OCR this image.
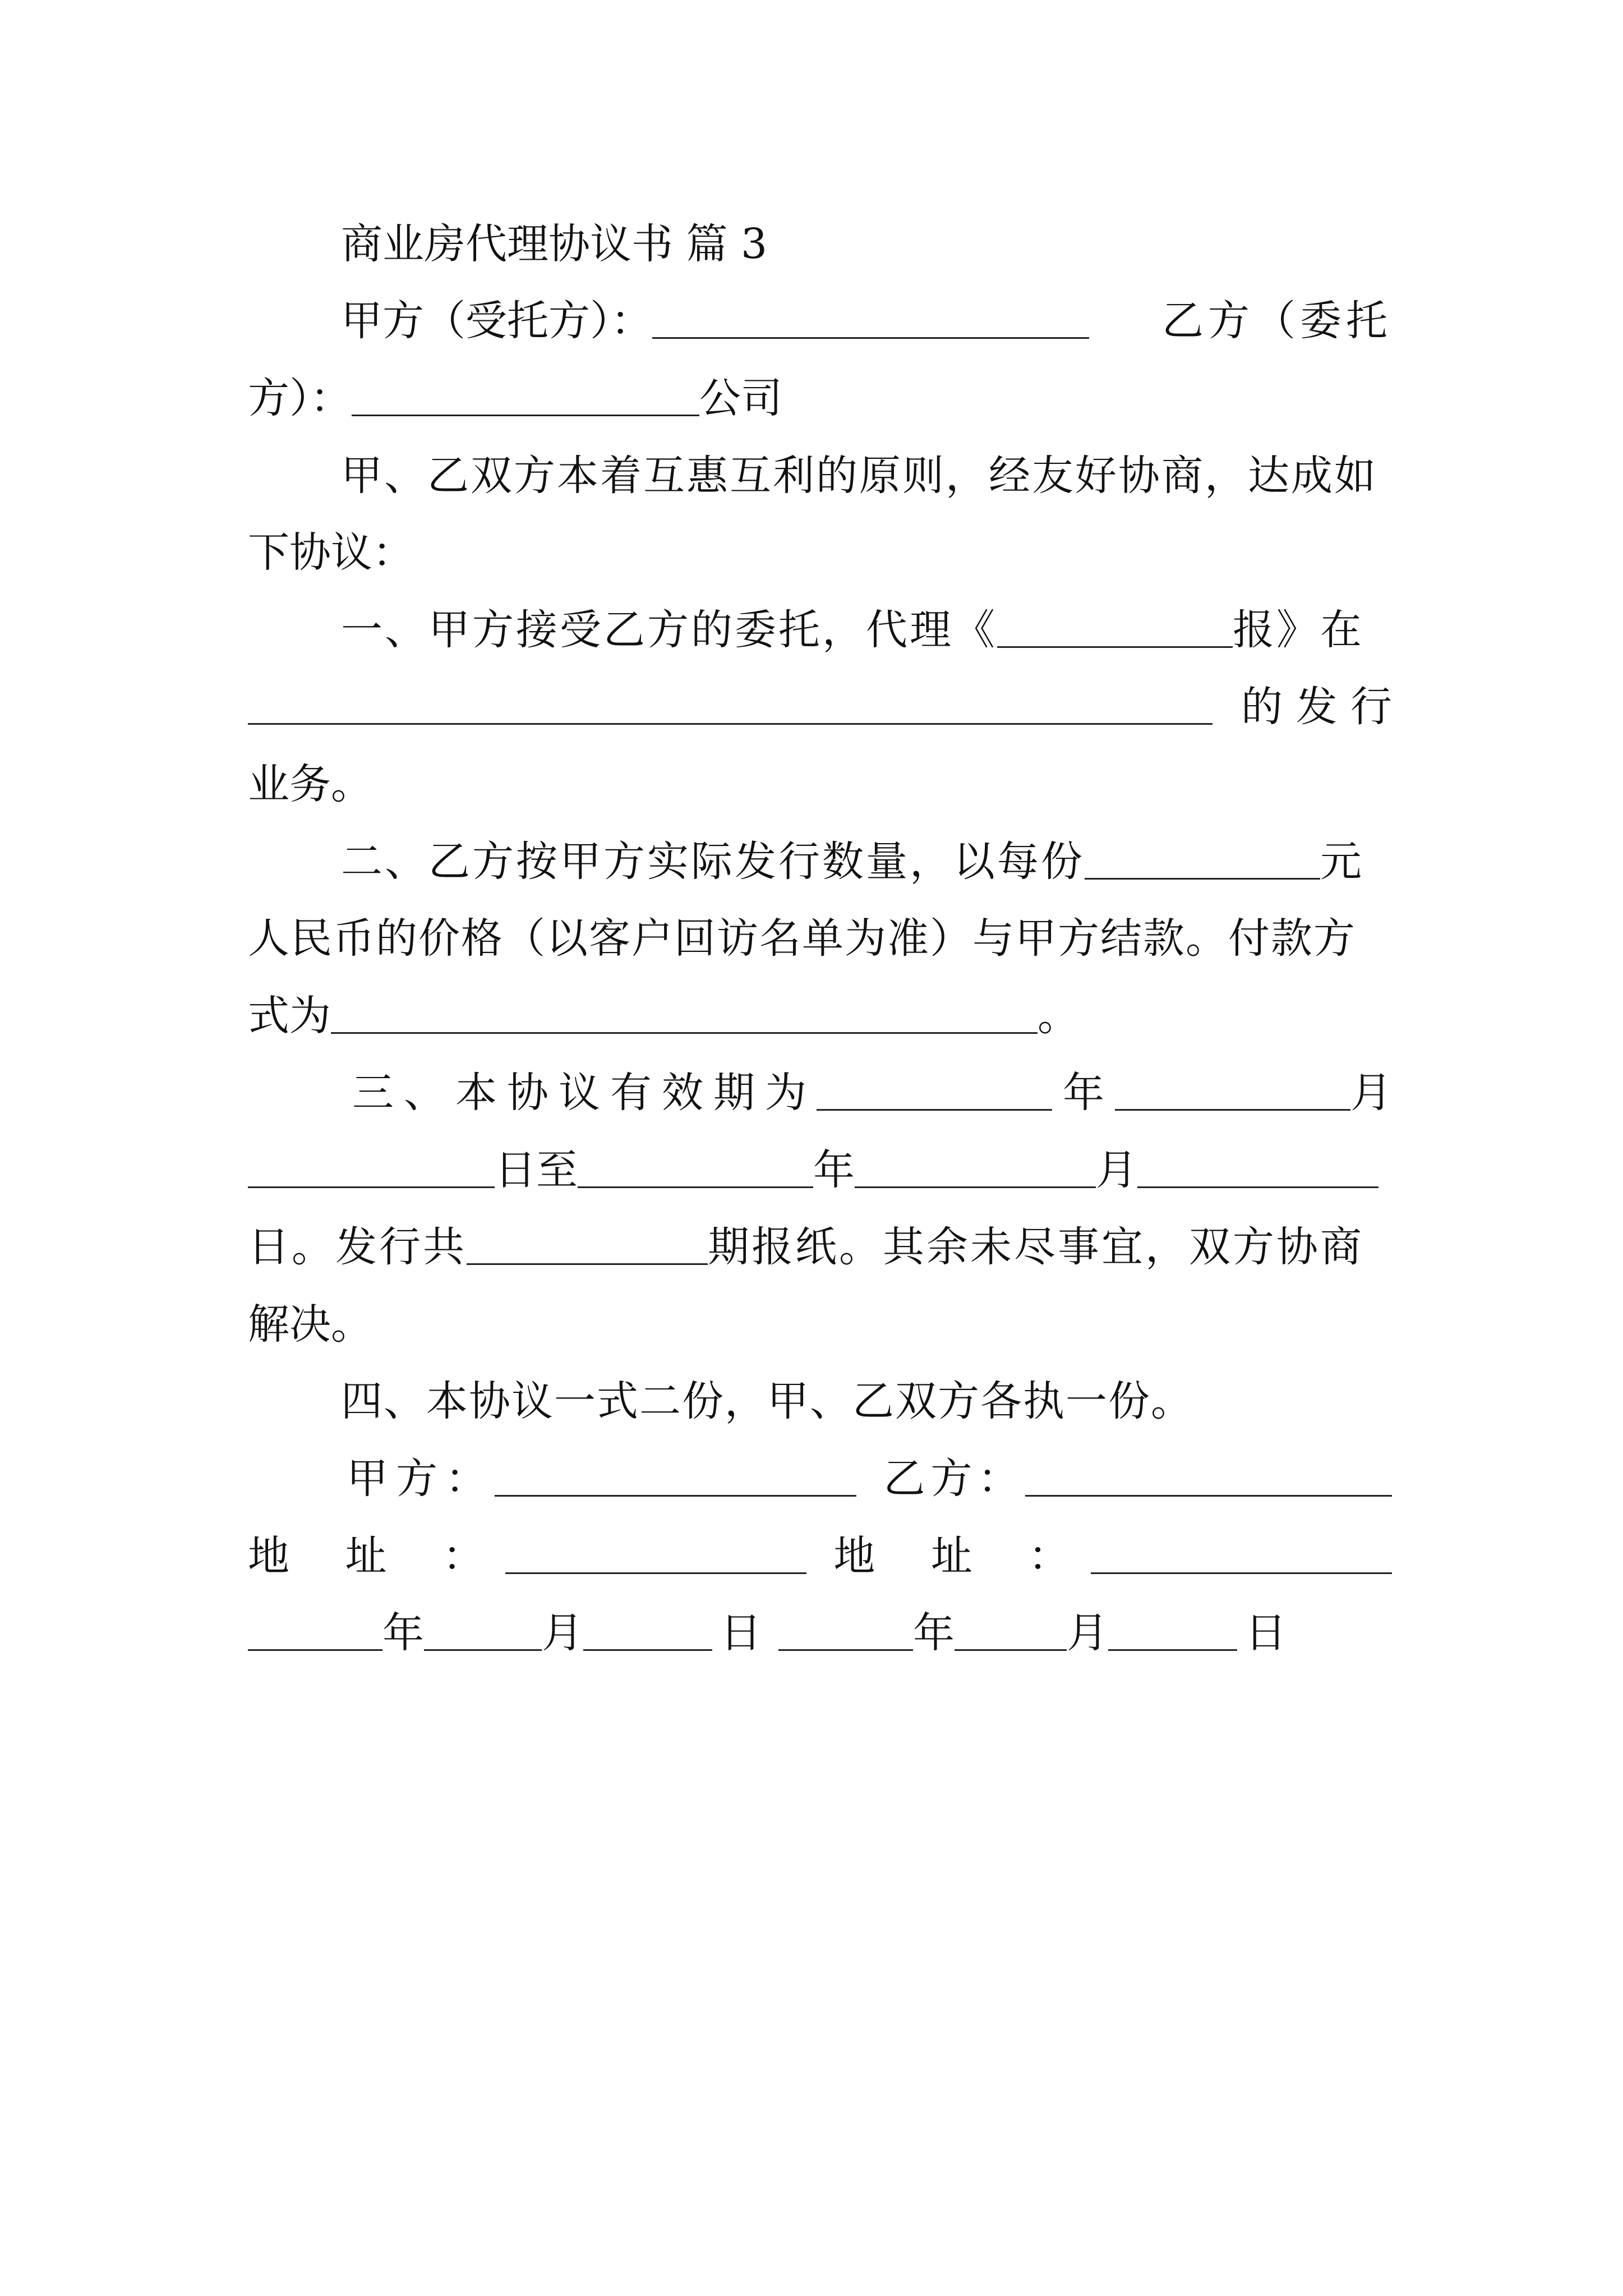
商业房代理协议书 篇 3
甲方（受托方）：	乙方（委托
方）：	公司
甲、乙双方本着互惠互利的原则，经友好协商，达成如
下协议：
一、甲方接受乙方的委托，代理《	报》在
的 发 行
业务。
二、乙方按甲方实际发行数量，以每份	元
人民币的价格（以客户回访名单为准）与甲方结款。付款方
式为	。
三、本协议有效期为	年	月
日至	年	月
日。发行共	期报纸。其余未尽事宜，双方协商
解决。
四、本协议一式二份，甲、乙双方各执一份。
甲方：	乙方：
地 址 ：	地 址 ：
年	月	日	年	月	日
